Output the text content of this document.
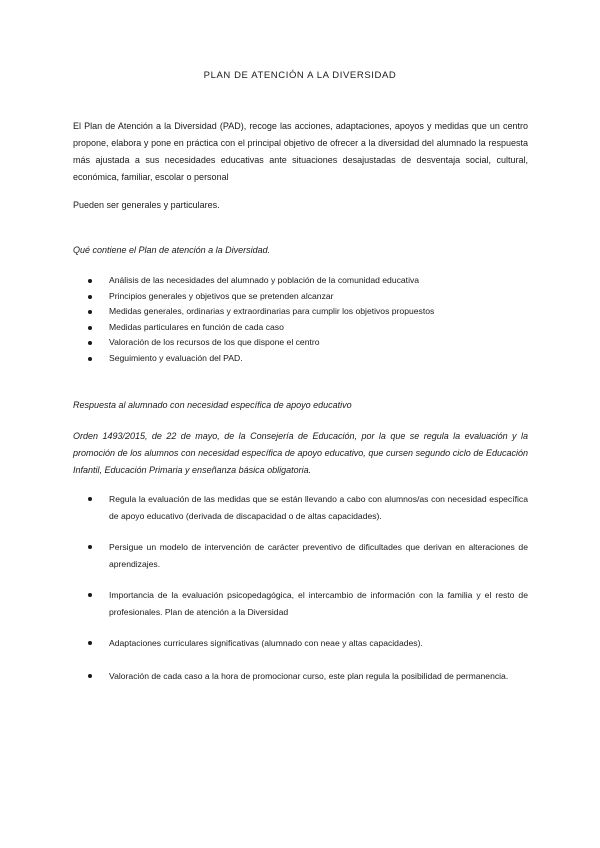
PLAN DE ATENCIÓN A LA DIVERSIDAD
El Plan de Atención a la Diversidad (PAD), recoge las acciones, adaptaciones, apoyos y medidas que un centro propone, elabora y pone en práctica con el principal objetivo de ofrecer a la diversidad del alumnado la respuesta más ajustada a sus necesidades educativas ante situaciones desajustadas de desventaja social, cultural, económica, familiar, escolar o personal
Pueden ser generales y particulares.
Qué contiene el Plan de atención a la Diversidad.
Análisis de las necesidades del alumnado y población de la comunidad educativa
Principios generales y objetivos que se pretenden alcanzar
Medidas generales, ordinarias y extraordinarias para cumplir los objetivos propuestos
Medidas particulares en función de cada caso
Valoración de los recursos de los que dispone el centro
Seguimiento y evaluación del PAD.
Respuesta al alumnado con necesidad específica de apoyo educativo
Orden 1493/2015, de 22 de mayo, de la Consejería de Educación, por la que se regula la evaluación y la promoción de los alumnos con necesidad específica de apoyo educativo, que cursen segundo ciclo de Educación Infantil, Educación Primaria y enseñanza básica obligatoria.
Regula la evaluación de las medidas que se están llevando a cabo con alumnos/as con necesidad específica de apoyo educativo (derivada de discapacidad o de altas capacidades).
Persigue un modelo de intervención de carácter preventivo de dificultades que derivan en alteraciones de aprendizajes.
Importancia de la evaluación psicopedagógica, el intercambio de información con la familia y el resto de profesionales. Plan de atención a la Diversidad
Adaptaciones curriculares significativas (alumnado con neae y altas capacidades).
Valoración de cada caso a la hora de promocionar curso, este plan regula la posibilidad de permanencia.
